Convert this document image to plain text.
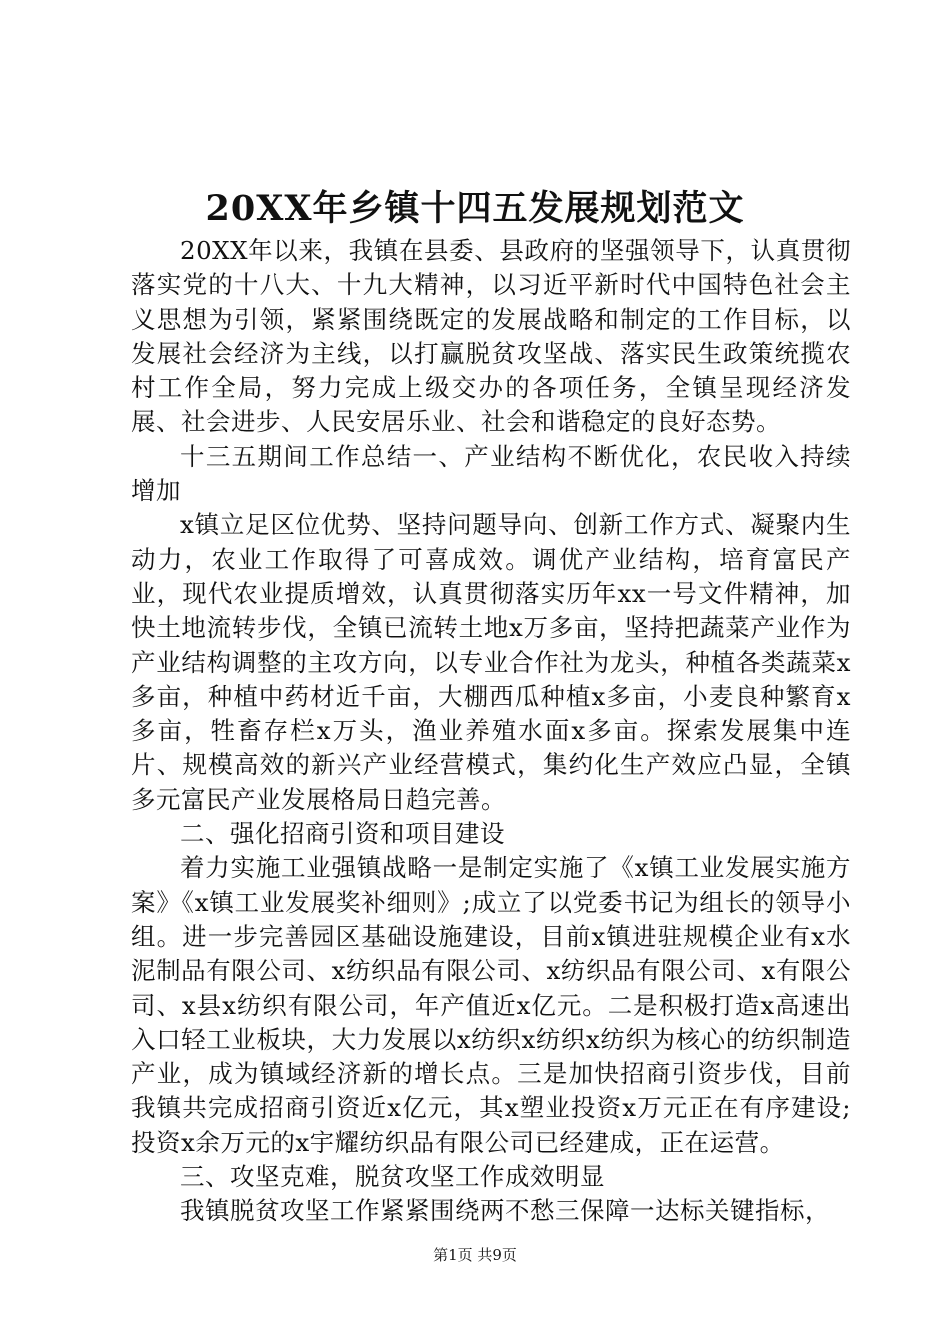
20XX年乡镇十四五发展规划范文

20XX年以来，我镇在县委、县政府的坚强领导下，认真贯彻落实党的十八大、十九大精神，以习近平新时代中国特色社会主义思想为引领，紧紧围绕既定的发展战略和制定的工作目标，以发展社会经济为主线，以打赢脱贫攻坚战、落实民生政策统揽农村工作全局，努力完成上级交办的各项任务，全镇呈现经济发展、社会进步、人民安居乐业、社会和谐稳定的良好态势。

十三五期间工作总结一、产业结构不断优化，农民收入持续增加

x镇立足区位优势、坚持问题导向、创新工作方式、凝聚内生动力，农业工作取得了可喜成效。调优产业结构，培育富民产业，现代农业提质增效，认真贯彻落实历年xx一号文件精神，加快土地流转步伐，全镇已流转土地x万多亩，坚持把蔬菜产业作为产业结构调整的主攻方向，以专业合作社为龙头，种植各类蔬菜x多亩，种植中药材近千亩，大棚西瓜种植x多亩，小麦良种繁育x多亩，牲畜存栏x万头，渔业养殖水面x多亩。探索发展集中连片、规模高效的新兴产业经营模式，集约化生产效应凸显，全镇多元富民产业发展格局日趋完善。

二、强化招商引资和项目建设

着力实施工业强镇战略一是制定实施了《x镇工业发展实施方案》《x镇工业发展奖补细则》;成立了以党委书记为组长的领导小组。进一步完善园区基础设施建设，目前x镇进驻规模企业有x水泥制品有限公司、x纺织品有限公司、x纺织品有限公司、x有限公司、x县x纺织有限公司，年产值近x亿元。二是积极打造x高速出入口轻工业板块，大力发展以x纺织x纺织x纺织为核心的纺织制造产业，成为镇域经济新的增长点。三是加快招商引资步伐，目前我镇共完成招商引资近x亿元，其x塑业投资x万元正在有序建设;投资x余万元的x宇耀纺织品有限公司已经建成，正在运营。

三、攻坚克难，脱贫攻坚工作成效明显

我镇脱贫攻坚工作紧紧围绕两不愁三保障一达标关键指标，

第1页 共9页
